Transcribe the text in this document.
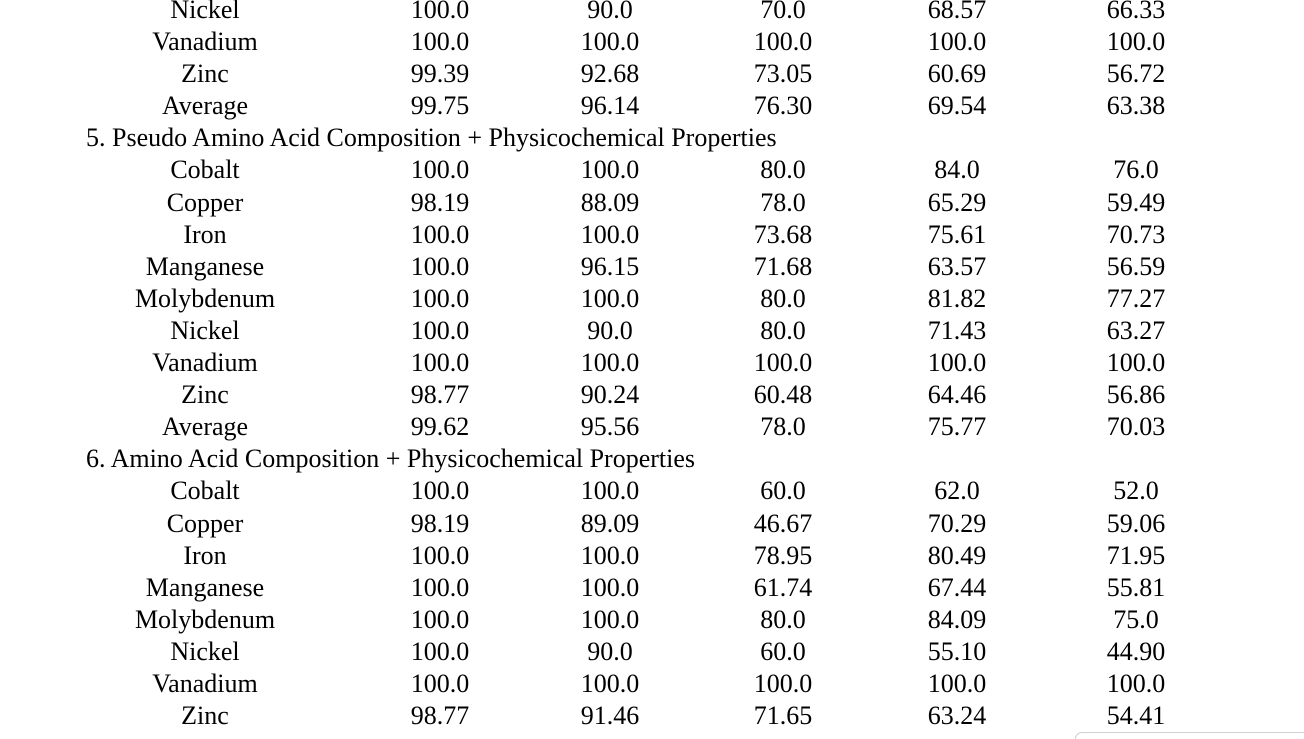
Nickel	100.0	90.0	70.0	68.57	66.33
Vanadium	100.0	100.0	100.0	100.0	100.0
Zinc	99.39	92.68	73.05	60.69	56.72
Average	99.75	96.14	76.30	69.54	63.38
5. Pseudo Amino Acid Composition + Physicochemical Properties
Cobalt	100.0	100.0	80.0	84.0	76.0
Copper	98.19	88.09	78.0	65.29	59.49
Iron	100.0	100.0	73.68	75.61	70.73
Manganese	100.0	96.15	71.68	63.57	56.59
Molybdenum	100.0	100.0	80.0	81.82	77.27
Nickel	100.0	90.0	80.0	71.43	63.27
Vanadium	100.0	100.0	100.0	100.0	100.0
Zinc	98.77	90.24	60.48	64.46	56.86
Average	99.62	95.56	78.0	75.77	70.03
6. Amino Acid Composition + Physicochemical Properties
Cobalt	100.0	100.0	60.0	62.0	52.0
Copper	98.19	89.09	46.67	70.29	59.06
Iron	100.0	100.0	78.95	80.49	71.95
Manganese	100.0	100.0	61.74	67.44	55.81
Molybdenum	100.0	100.0	80.0	84.09	75.0
Nickel	100.0	90.0	60.0	55.10	44.90
Vanadium	100.0	100.0	100.0	100.0	100.0
Zinc	98.77	91.46	71.65	63.24	54.41
